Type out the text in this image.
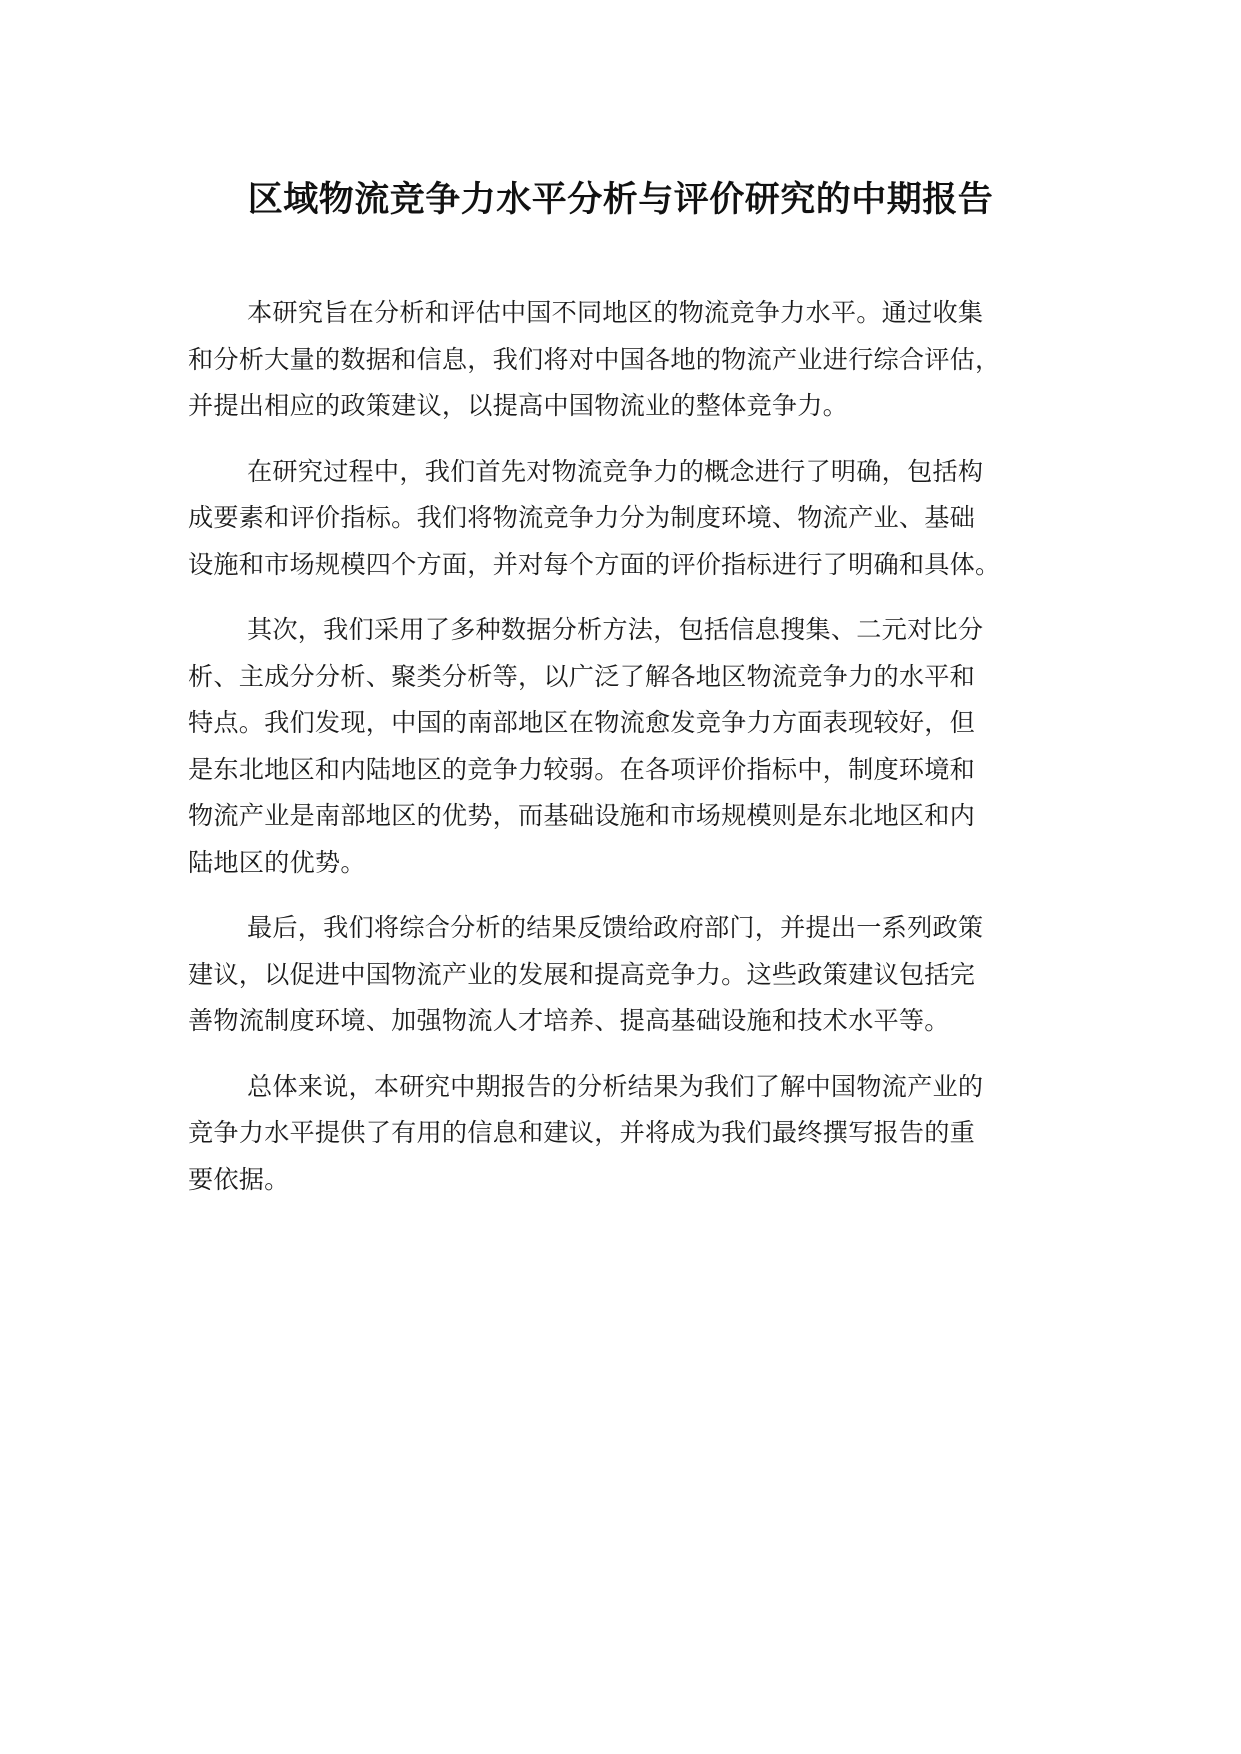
区域物流竞争力水平分析与评价研究的中期报告

本研究旨在分析和评估中国不同地区的物流竞争力水平。通过收集
和分析大量的数据和信息，我们将对中国各地的物流产业进行综合评估，
并提出相应的政策建议，以提高中国物流业的整体竞争力。

在研究过程中，我们首先对物流竞争力的概念进行了明确，包括构
成要素和评价指标。我们将物流竞争力分为制度环境、物流产业、基础
设施和市场规模四个方面，并对每个方面的评价指标进行了明确和具体。

其次，我们采用了多种数据分析方法，包括信息搜集、二元对比分
析、主成分分析、聚类分析等，以广泛了解各地区物流竞争力的水平和
特点。我们发现，中国的南部地区在物流愈发竞争力方面表现较好，但
是东北地区和内陆地区的竞争力较弱。在各项评价指标中，制度环境和
物流产业是南部地区的优势，而基础设施和市场规模则是东北地区和内
陆地区的优势。

最后，我们将综合分析的结果反馈给政府部门，并提出一系列政策
建议，以促进中国物流产业的发展和提高竞争力。这些政策建议包括完
善物流制度环境、加强物流人才培养、提高基础设施和技术水平等。

总体来说，本研究中期报告的分析结果为我们了解中国物流产业的
竞争力水平提供了有用的信息和建议，并将成为我们最终撰写报告的重
要依据。
